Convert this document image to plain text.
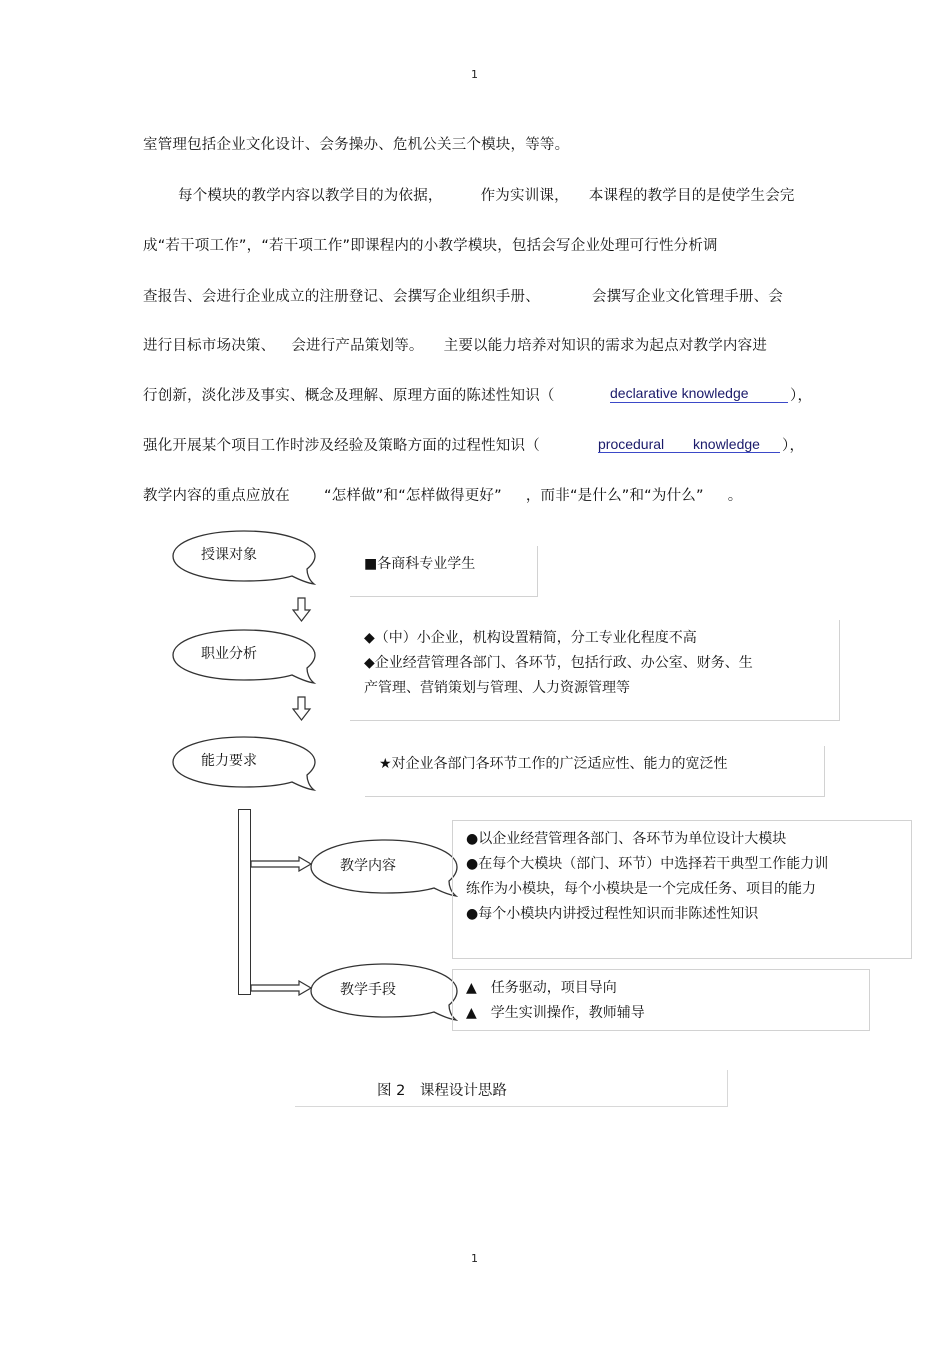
1
1
室管理包括企业文化设计、会务操办、危机公关三个模块，等等。
每个模块的教学内容以教学目的为依据，	作为实训课， 本课程的教学目的是使学生会完
成“若干项工作”，“若干项工作”即课程内的小教学模块，包括会写企业处理可行性分析调
查报告、会进行企业成立的注册登记、会撰写企业组织手册、	会撰写企业文化管理手册、会
进行目标市场决策、 会进行产品策划等。 主要以能力培养对知识的需求为起点对教学内容进
行创新，淡化涉及事实、概念及理解、原理方面的陈述性知识（	declarative knowledge	），
强化开展某个项目工作时涉及经验及策略方面的过程性知识（	procedural knowledge ），
教学内容的重点应放在 “怎样做”和“怎样做得更好” ，而非“是什么”和“为什么” 。
授课对象
■各商科专业学生
职业分析
◆（中）小企业，机构设置精简，分工专业化程度不高
◆企业经营管理各部门、各环节，包括行政、办公室、财务、生
产管理、营销策划与管理、人力资源管理等
能力要求	★对企业各部门各环节工作的广泛适应性、能力的宽泛性
教学内容
●以企业经营管理各部门、各环节为单位设计大模块
●在每个大模块（部门、环节）中选择若干典型工作能力训
练作为小模块，每个小模块是一个完成任务、项目的能力
●每个小模块内讲授过程性知识而非陈述性知识
教学手段	▲　任务驱动，项目导向
▲　学生实训操作，教师辅导
图 2　课程设计思路
